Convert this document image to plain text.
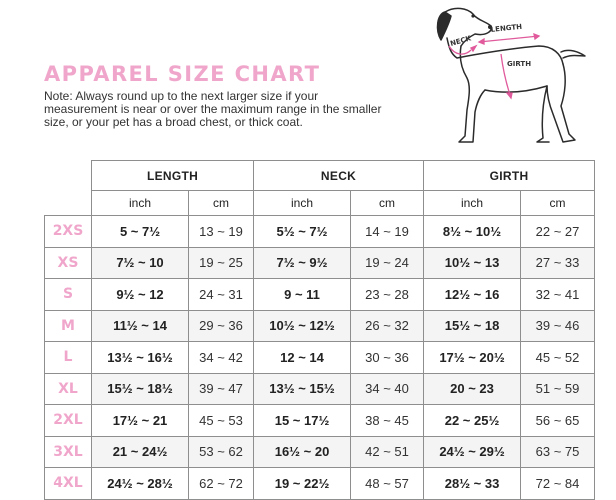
APPAREL SIZE CHART
Note: Always round up to the next larger size if your measurement is near or over the maximum range in the smaller size, or your pet has a broad chest, or thick coat.
NECK
LENGTH
GIRTH
	LENGTH		NECK		GIRTH	
	inch	cm	inch	cm	inch	cm
2XS	5 ~ 7½	13 ~ 19	5½ ~ 7½	14 ~ 19	8½ ~ 10½	22 ~ 27
XS	7½ ~ 10	19 ~ 25	7½ ~ 9½	19 ~ 24	10½ ~ 13	27 ~ 33
S	9½ ~ 12	24 ~ 31	9 ~ 11	23 ~ 28	12½ ~ 16	32 ~ 41
M	11½ ~ 14	29 ~ 36	10½ ~ 12½	26 ~ 32	15½ ~ 18	39 ~ 46
L	13½ ~ 16½	34 ~ 42	12 ~ 14	30 ~ 36	17½ ~ 20½	45 ~ 52
XL	15½ ~ 18½	39 ~ 47	13½ ~ 15½	34 ~ 40	20 ~ 23	51 ~ 59
2XL	17½ ~ 21	45 ~ 53	15 ~ 17½	38 ~ 45	22 ~ 25½	56 ~ 65
3XL	21 ~ 24½	53 ~ 62	16½ ~ 20	42 ~ 51	24½ ~ 29½	63 ~ 75
4XL	24½ ~ 28½	62 ~ 72	19 ~ 22½	48 ~ 57	28½ ~ 33	72 ~ 84
